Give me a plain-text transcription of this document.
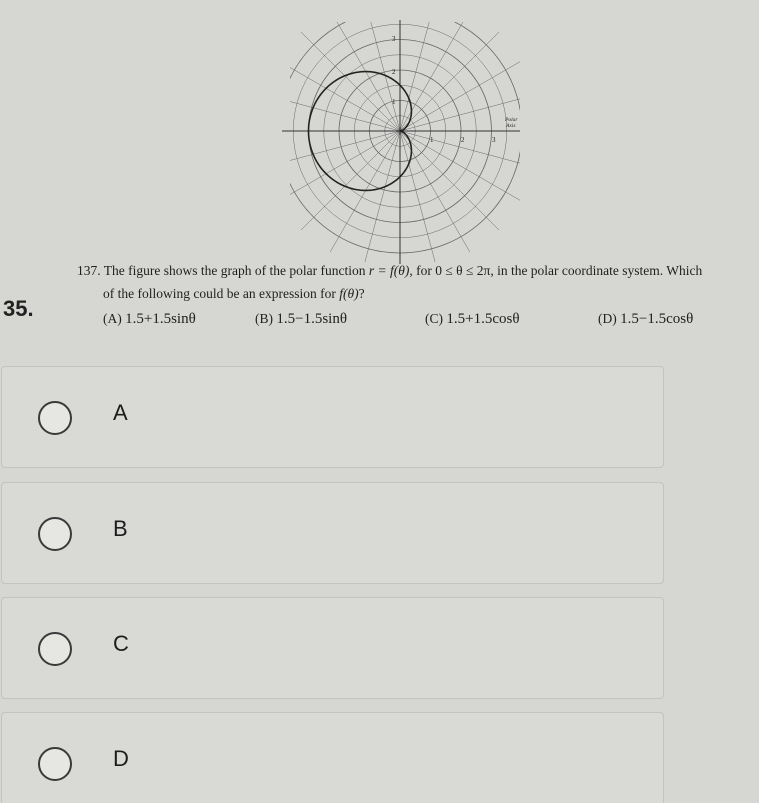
35.
Polar
Axis
1	2	3
1
2
3
137. The figure shows the graph of the polar function r = f(θ), for 0 ≤ θ ≤ 2π, in the polar coordinate system. Which
of the following could be an expression for f(θ)?
(A) 1.5+1.5sinθ	(B) 1.5−1.5sinθ	(C) 1.5+1.5cosθ	(D) 1.5−1.5cosθ
A
B
C
D
